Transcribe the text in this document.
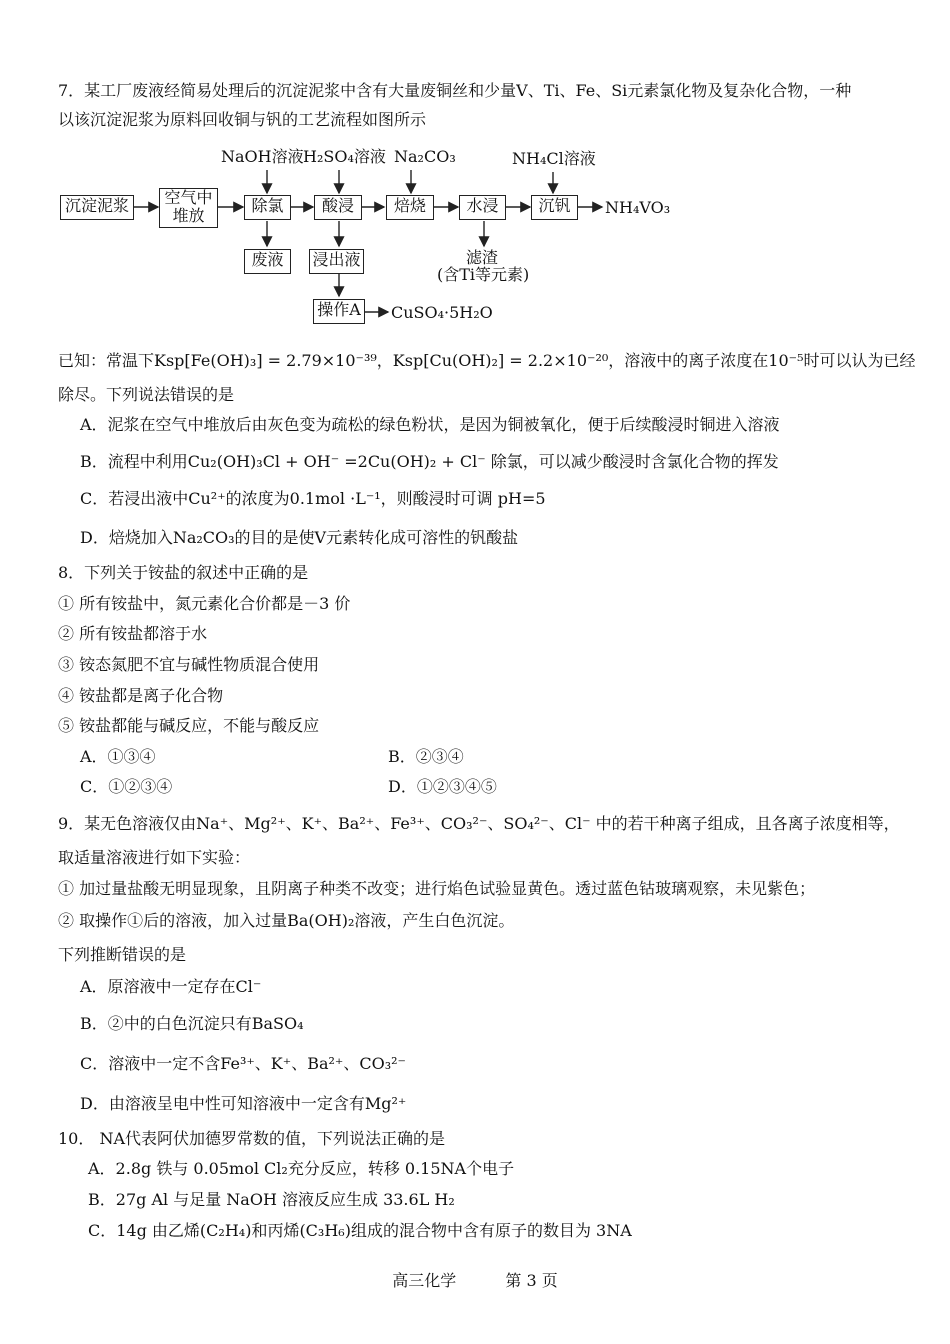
7．某工厂废液经简易处理后的沉淀泥浆中含有大量废铜丝和少量V、Ti、Fe、Si元素氯化物及复杂化合物，一种
以该沉淀泥浆为原料回收铜与钒的工艺流程如图所示
沉淀泥浆	空气中
堆放
除氯	酸浸	焙烧	水浸	沉钒
废液	浸出液
操作A
NaOH溶液 H₂SO₄溶液 Na₂CO₃	NH₄Cl溶液
NH₄VO₃
CuSO₄·5H₂O
滤渣
(含Ti等元素)
已知：常温下Ksp[Fe(OH)₃] = 2.79×10⁻³⁹，Ksp[Cu(OH)₂] = 2.2×10⁻²⁰，溶液中的离子浓度在10⁻⁵时可以认为已经
除尽。下列说法错误的是
A．泥浆在空气中堆放后由灰色变为疏松的绿色粉状，是因为铜被氧化，便于后续酸浸时铜进入溶液
B．流程中利用Cu₂(OH)₃Cl + OH⁻ =2Cu(OH)₂ + Cl⁻ 除氯，可以减少酸浸时含氯化合物的挥发
C．若浸出液中Cu²⁺的浓度为0.1mol ·L⁻¹，则酸浸时可调 pH=5
D．焙烧加入Na₂CO₃的目的是使V元素转化成可溶性的钒酸盐
8．下列关于铵盐的叙述中正确的是
① 所有铵盐中，氮元素化合价都是－3 价
② 所有铵盐都溶于水
③ 铵态氮肥不宜与碱性物质混合使用
④ 铵盐都是离子化合物
⑤ 铵盐都能与碱反应，不能与酸反应
A．①③④	B．②③④
C．①②③④	D．①②③④⑤
9．某无色溶液仅由Na⁺、Mg²⁺、K⁺、Ba²⁺、Fe³⁺、CO₃²⁻、SO₄²⁻、Cl⁻ 中的若干种离子组成，且各离子浓度相等，
取适量溶液进行如下实验：
① 加过量盐酸无明显现象，且阴离子种类不改变；进行焰色试验显黄色。透过蓝色钴玻璃观察，未见紫色；
② 取操作①后的溶液，加入过量Ba(OH)₂溶液，产生白色沉淀。
下列推断错误的是
A．原溶液中一定存在Cl⁻
B．②中的白色沉淀只有BaSO₄
C．溶液中一定不含Fe³⁺、K⁺、Ba²⁺、CO₃²⁻
D．由溶液呈电中性可知溶液中一定含有Mg²⁺
10． NA代表阿伏加德罗常数的值，下列说法正确的是
A．2.8g 铁与 0.05mol Cl₂充分反应，转移 0.15NA个电子
B．27g Al 与足量 NaOH 溶液反应生成 33.6L H₂
C．14g 由乙烯(C₂H₄)和丙烯(C₃H₆)组成的混合物中含有原子的数目为 3NA
高三化学	第 3 页
